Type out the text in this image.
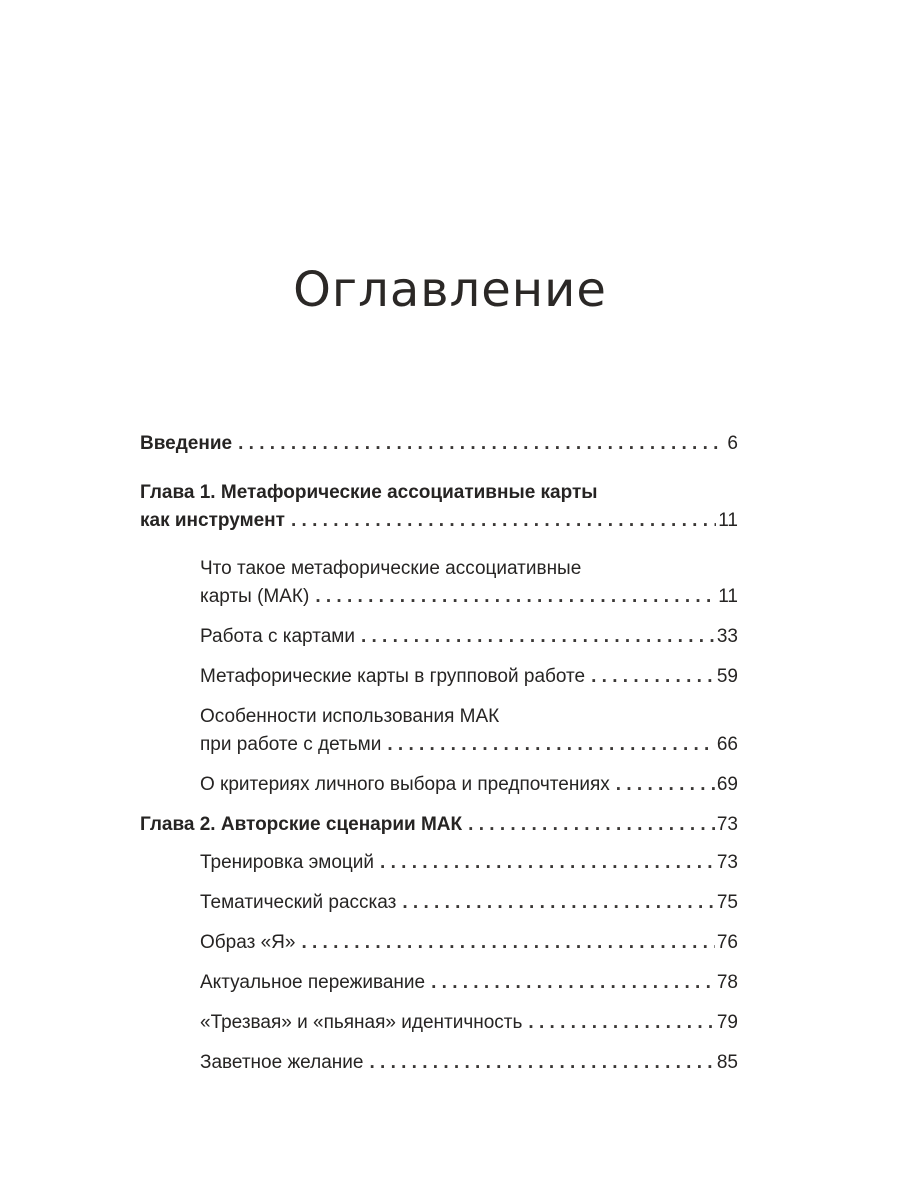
Оглавление
Введение . . .	6
Глава 1. Метафорические ассоциативные карты
как инструмент . . .	11
Что такое метафорические ассоциативные
карты (МАК) . . .	11
Работа с картами . . .	33
Метафорические карты в групповой работе . . .	59
Особенности использования МАК
при работе с детьми . . .	66
О критериях личного выбора и предпочтениях . . .	69
Глава 2. Авторские сценарии МАК . . .	73
Тренировка эмоций . . .	73
Тематический рассказ . . .	75
Образ «Я» . . .	76
Актуальное переживание . . .	78
«Трезвая» и «пьяная» идентичность . . .	79
Заветное желание . . .	85
